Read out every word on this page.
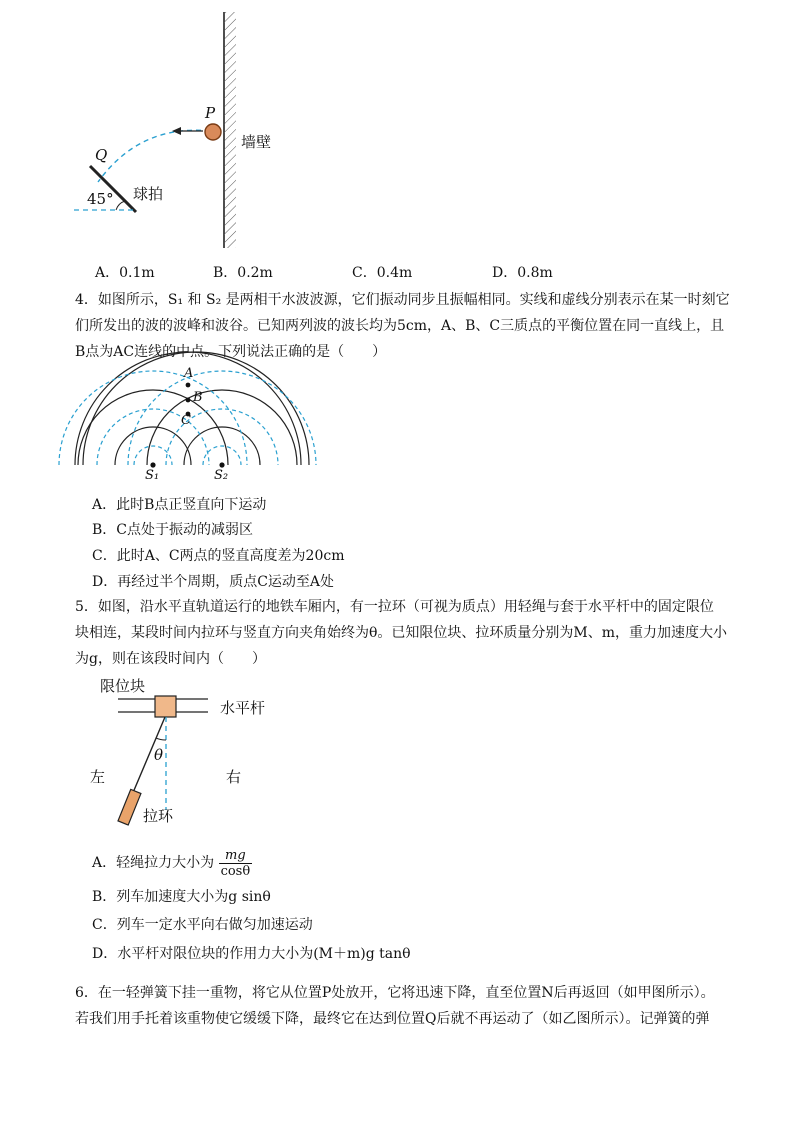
P
墙壁
Q
45° 球拍
A．0.1m	B．0.2m	C．0.4m	D．0.8m
4．如图所示，S₁ 和 S₂ 是两相干水波波源，它们振动同步且振幅相同。实线和虚线分别表示在某一时刻它
们所发出的波的波峰和波谷。已知两列波的波长均为5cm，A、B、C三质点的平衡位置在同一直线上，且
B点为AC连线的中点。下列说法正确的是（　　）
A
B
C
S₁	S₂
A．此时B点正竖直向下运动
B．C点处于振动的减弱区
C．此时A、C两点的竖直高度差为20cm
D．再经过半个周期，质点C运动至A处
5．如图，沿水平直轨道运行的地铁车厢内，有一拉环（可视为质点）用轻绳与套于水平杆中的固定限位
块相连，某段时间内拉环与竖直方向夹角始终为θ。已知限位块、拉环质量分别为M、m，重力加速度大小
为g，则在该段时间内（　　）
限位块
水平杆
θ
左	右
拉环
A．轻绳拉力大小为 $\frac{mg}{\cos\theta}$
B．列车加速度大小为g sinθ
C．列车一定水平向右做匀加速运动
D．水平杆对限位块的作用力大小为(M＋m)g tanθ
6．在一轻弹簧下挂一重物，将它从位置P处放开，它将迅速下降，直至位置N后再返回（如甲图所示）。
若我们用手托着该重物使它缓缓下降，最终它在达到位置Q后就不再运动了（如乙图所示）。记弹簧的弹
